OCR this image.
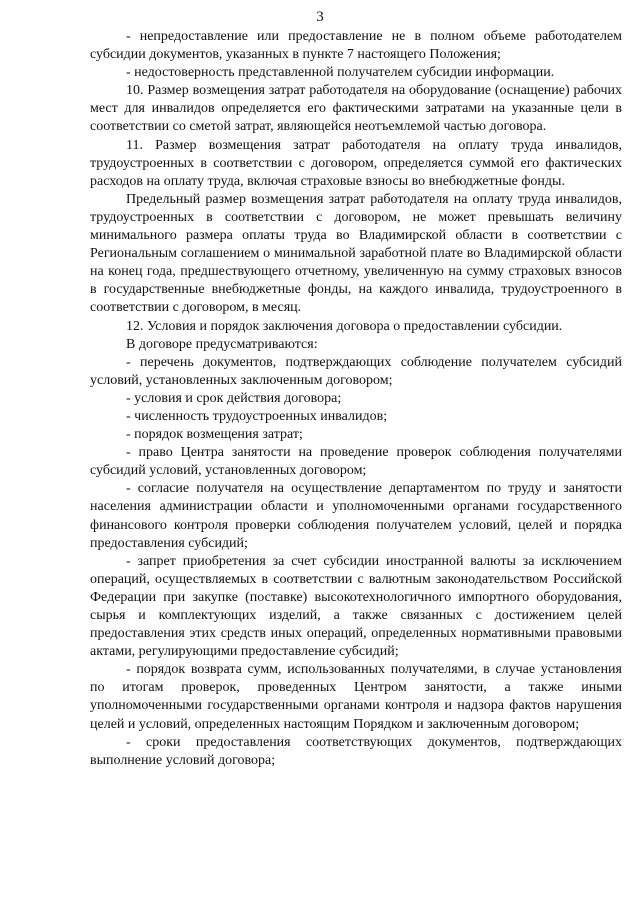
3

- непредоставление или предоставление не в полном объеме работодателем субсидии документов, указанных в пункте 7 настоящего Положения;

- недостоверность представленной получателем субсидии информации.

10. Размер возмещения затрат работодателя на оборудование (оснащение) рабочих мест для инвалидов определяется его фактическими затратами на указанные цели в соответствии со сметой затрат, являющейся неотъемлемой частью договора.

11. Размер возмещения затрат работодателя на оплату труда инвалидов, трудоустроенных в соответствии с договором, определяется суммой его фактических расходов на оплату труда, включая страховые взносы во внебюджетные фонды.

Предельный размер возмещения затрат работодателя на оплату труда инвалидов, трудоустроенных в соответствии с договором, не может превышать величину минимального размера оплаты труда во Владимирской области в соответствии с Региональным соглашением о минимальной заработной плате во Владимирской области на конец года, предшествующего отчетному, увеличенную на сумму страховых взносов в государственные внебюджетные фонды, на каждого инвалида, трудоустроенного в соответствии с договором, в месяц.

12. Условия и порядок заключения договора о предоставлении субсидии.

В договоре предусматриваются:

- перечень документов, подтверждающих соблюдение получателем субсидий условий, установленных заключенным договором;

- условия и срок действия договора;

- численность трудоустроенных инвалидов;

- порядок возмещения затрат;

- право Центра занятости на проведение проверок соблюдения получателями субсидий условий, установленных договором;

- согласие получателя на осуществление департаментом по труду и занятости населения администрации области и уполномоченными органами государственного финансового контроля проверки соблюдения получателем условий, целей и порядка предоставления субсидий;

- запрет приобретения за счет субсидии иностранной валюты за исключением операций, осуществляемых в соответствии с валютным законодательством Российской Федерации при закупке (поставке) высокотехнологичного импортного оборудования, сырья и комплектующих изделий, а также связанных с достижением целей предоставления этих средств иных операций, определенных нормативными правовыми актами, регулирующими предоставление субсидий;

- порядок возврата сумм, использованных получателями, в случае установления по итогам проверок, проведенных Центром занятости, а также иными уполномоченными государственными органами контроля и надзора фактов нарушения целей и условий, определенных настоящим Порядком и заключенным договором;

- сроки предоставления соответствующих документов, подтверждающих выполнение условий договора;
